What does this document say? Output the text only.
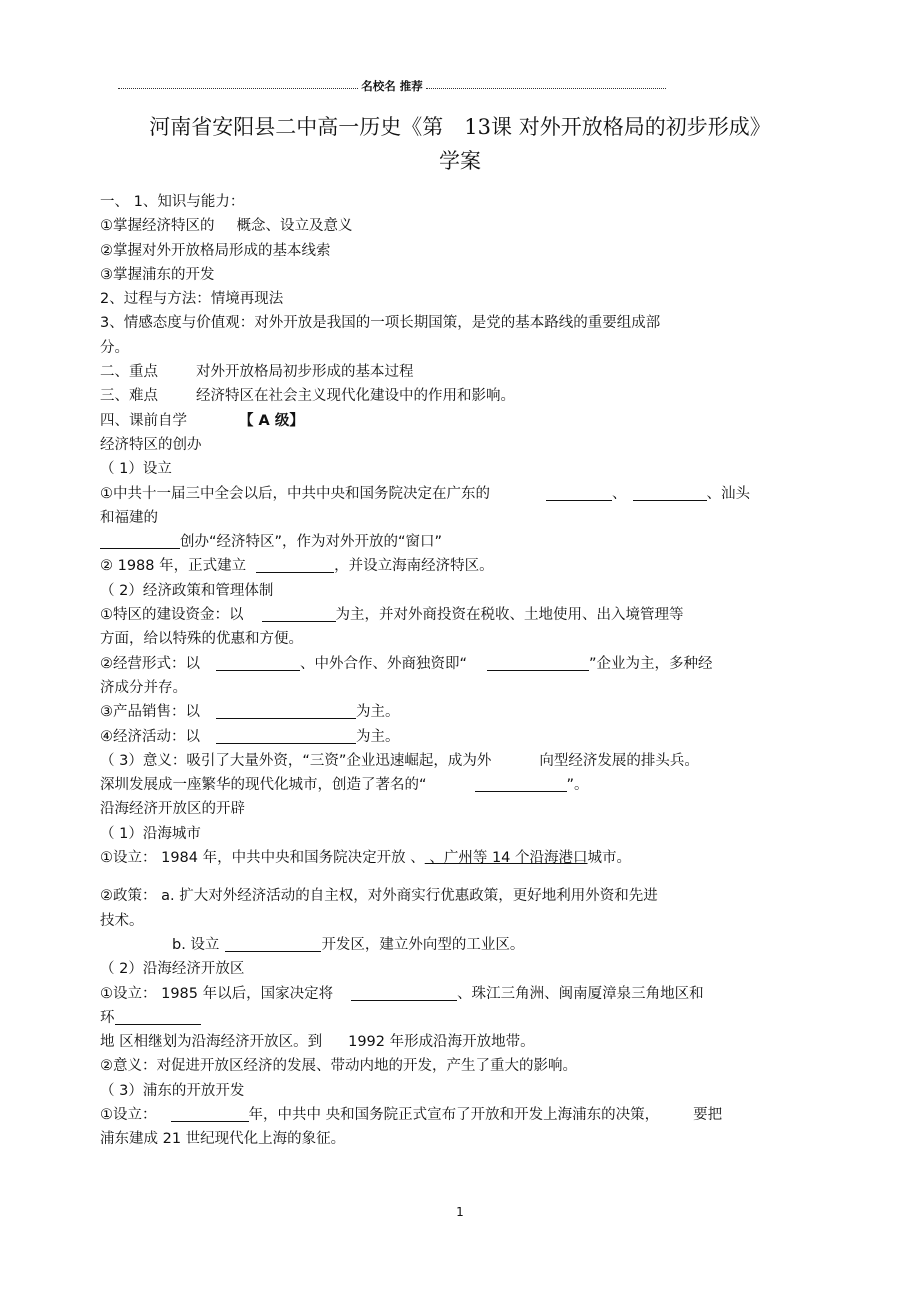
名校名 推荐
河南省安阳县二中高一历史《第　13课 对外开放格局的初步形成》
学案
一、 1、知识与能力：
①掌握经济特区的 概念、设立及意义
②掌握对外开放格局形成的基本线索
③掌握浦东的开发
2、过程与方法：情境再现法
3、情感态度与价值观：对外开放是我国的一项长期国策，是党的基本路线的重要组成部
分。
二、重点	对外开放格局初步形成的基本过程
三、难点	经济特区在社会主义现代化建设中的作用和影响。
四、课前自学	【 A 级】
经济特区的创办
（ 1）设立
①中共十一届三中全会以后，中共中央和国务院决定在广东的	、	、汕头
和福建的
创办“经济特区”，作为对外开放的“窗口”
② 1988 年，正式建立	，并设立海南经济特区。
（ 2）经济政策和管理体制
①特区的建设资金：以	为主，并对外商投资在税收、土地使用、出入境管理等
方面，给以特殊的优惠和方便。
②经营形式：以	、中外合作、外商独资即“	”企业为主，多种经
济成分并存。
③产品销售：以	为主。
④经济活动：以	为主。
（ 3）意义：吸引了大量外资，“三资”企业迅速崛起，成为外	向型经济发展的排头兵。
深圳发展成一座繁华的现代化城市，创造了著名的“	”。
沿海经济开放区的开辟
（ 1）沿海城市
①设立： 1984 年，中共中央和国务院决定开放 、 、广州等 14 个沿海港口城市。
②政策： a. 扩大对外经济活动的自主权，对外商实行优惠政策，更好地利用外资和先进
技术。
b. 设立	开发区，建立外向型的工业区。
（ 2）沿海经济开放区
①设立： 1985 年以后，国家决定将	、珠江三角洲、闽南厦漳泉三角地区和
环
地 区相继划为沿海经济开放区。到 1992 年形成沿海开放地带。
②意义：对促进开放区经济的发展、带动内地的开发，产生了重大的影响。
（ 3）浦东的开放开发
①设立：	年，中共中 央和国务院正式宣布了开放和开发上海浦东的决策， 要把
浦东建成 21 世纪现代化上海的象征。
1
